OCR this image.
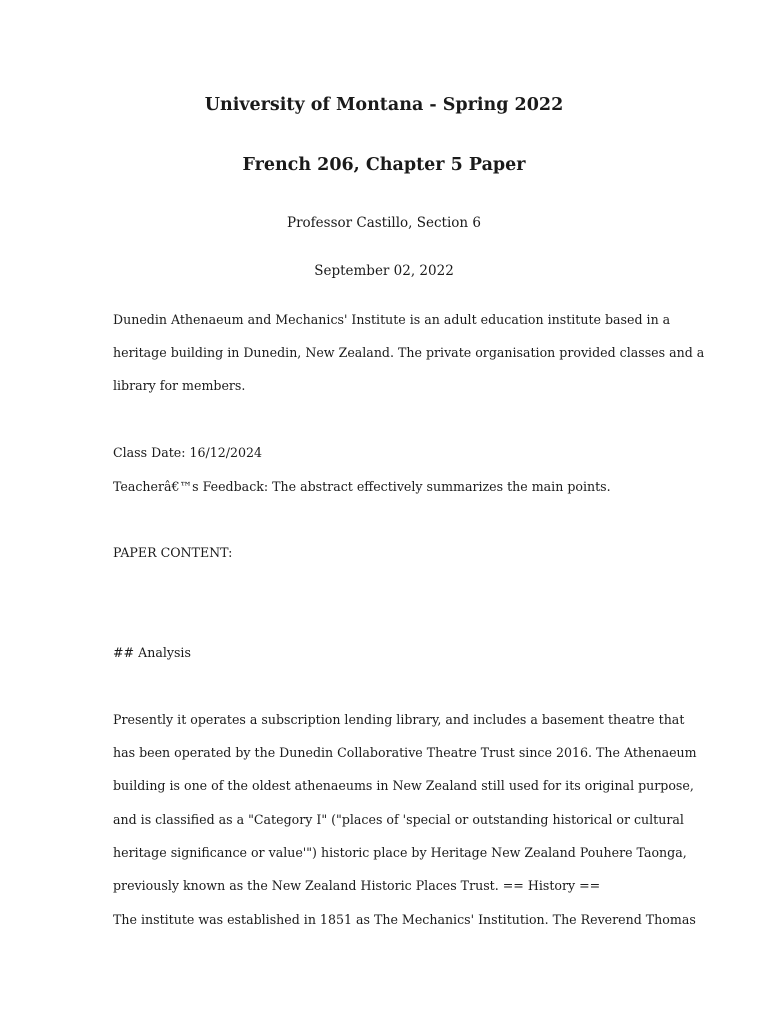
University of Montana - Spring 2022
French 206, Chapter 5 Paper
Professor Castillo, Section 6
September 02, 2022
Dunedin Athenaeum and Mechanics' Institute is an adult education institute based in a
heritage building in Dunedin, New Zealand. The private organisation provided classes and a
library for members.
Class Date: 16/12/2024
Teacherâ€™s Feedback: The abstract effectively summarizes the main points.
PAPER CONTENT:
## Analysis
Presently it operates a subscription lending library, and includes a basement theatre that
has been operated by the Dunedin Collaborative Theatre Trust since 2016. The Athenaeum
building is one of the oldest athenaeums in New Zealand still used for its original purpose,
and is classified as a "Category I" ("places of 'special or outstanding historical or cultural
heritage significance or value'") historic place by Heritage New Zealand Pouhere Taonga,
previously known as the New Zealand Historic Places Trust. == History ==
The institute was established in 1851 as The Mechanics' Institution. The Reverend Thomas
